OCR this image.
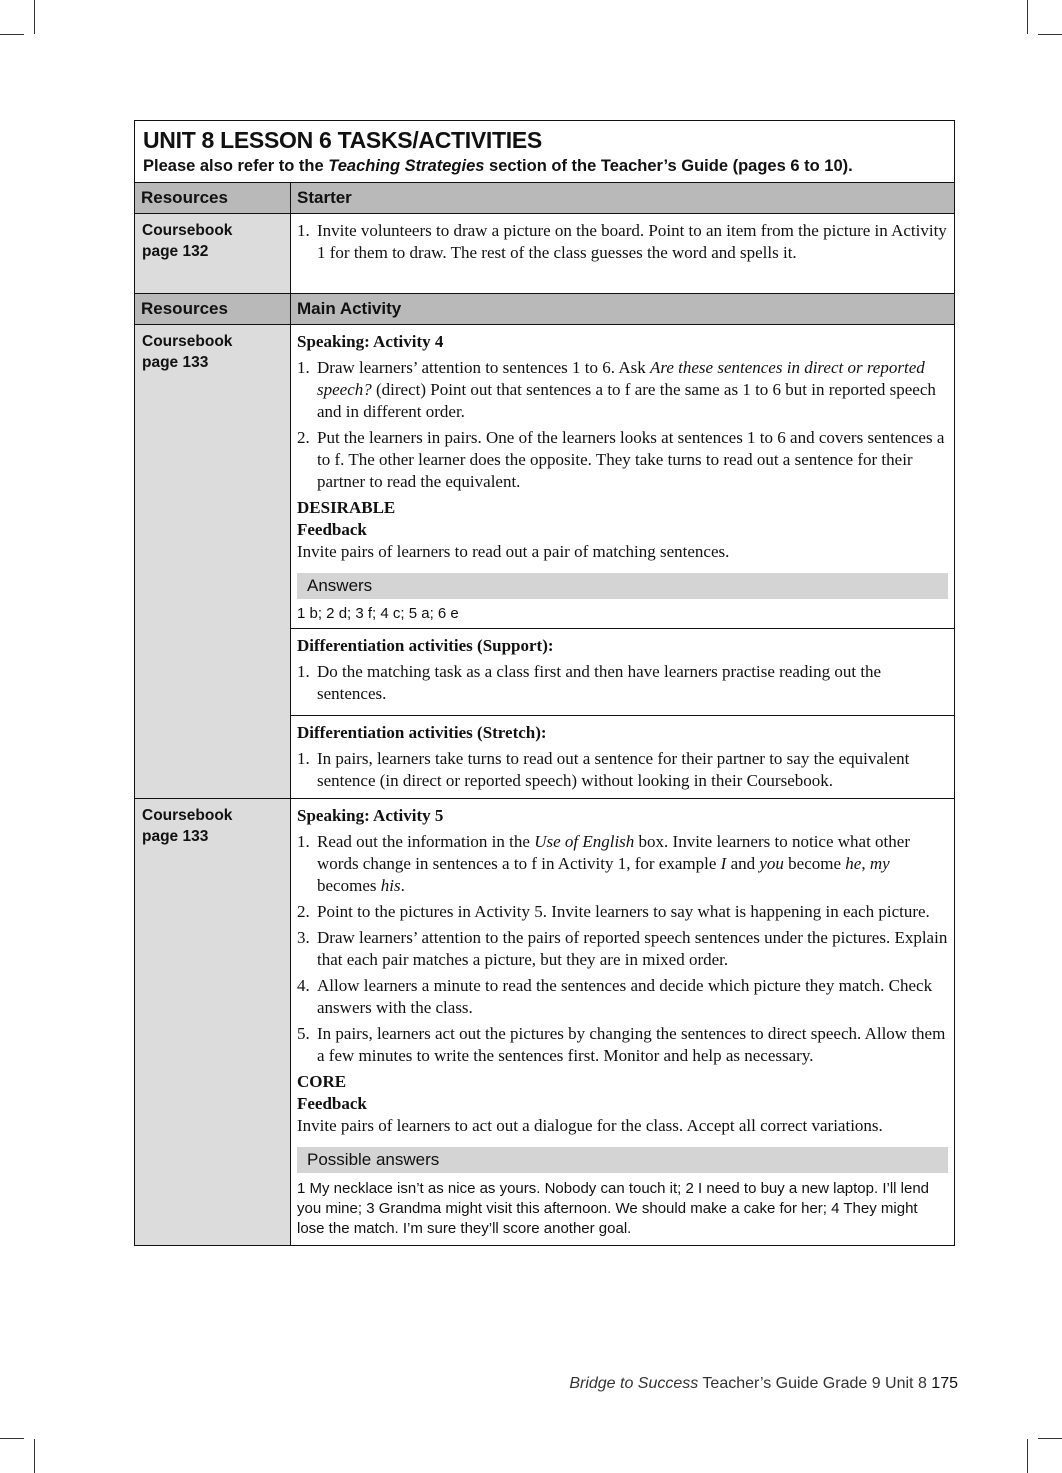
UNIT 8 LESSON 6 TASKS/ACTIVITIES
Please also refer to the Teaching Strategies section of the Teacher’s Guide (pages 6 to 10).
Resources	Starter
Coursebook
page 132
1. Invite volunteers to draw a picture on the board. Point to an item from the picture in Activity 1 for them to draw. The rest of the class guesses the word and spells it.
Resources	Main Activity
Coursebook
page 133
Speaking: Activity 4
1. Draw learners’ attention to sentences 1 to 6. Ask Are these sentences in direct or reported speech? (direct) Point out that sentences a to f are the same as 1 to 6 but in reported speech and in different order.
2. Put the learners in pairs. One of the learners looks at sentences 1 to 6 and covers sentences a to f. The other learner does the opposite. They take turns to read out a sentence for their partner to read the equivalent.
DESIRABLE
Feedback
Invite pairs of learners to read out a pair of matching sentences.
Answers
1 b; 2 d; 3 f; 4 c; 5 a; 6 e
Differentiation activities (Support):
1. Do the matching task as a class first and then have learners practise reading out the sentences.
Differentiation activities (Stretch):
1. In pairs, learners take turns to read out a sentence for their partner to say the equivalent sentence (in direct or reported speech) without looking in their Coursebook.
Coursebook
page 133
Speaking: Activity 5
1. Read out the information in the Use of English box. Invite learners to notice what other words change in sentences a to f in Activity 1, for example I and you become he, my becomes his.
2. Point to the pictures in Activity 5. Invite learners to say what is happening in each picture.
3. Draw learners’ attention to the pairs of reported speech sentences under the pictures. Explain that each pair matches a picture, but they are in mixed order.
4. Allow learners a minute to read the sentences and decide which picture they match. Check answers with the class.
5. In pairs, learners act out the pictures by changing the sentences to direct speech. Allow them a few minutes to write the sentences first. Monitor and help as necessary.
CORE
Feedback
Invite pairs of learners to act out a dialogue for the class. Accept all correct variations.
Possible answers
1 My necklace isn’t as nice as yours. Nobody can touch it; 2 I need to buy a new laptop. I’ll lend you mine; 3 Grandma might visit this afternoon. We should make a cake for her; 4 They might lose the match. I’m sure they’ll score another goal.
Bridge to Success Teacher’s Guide Grade 9 Unit 8 175
